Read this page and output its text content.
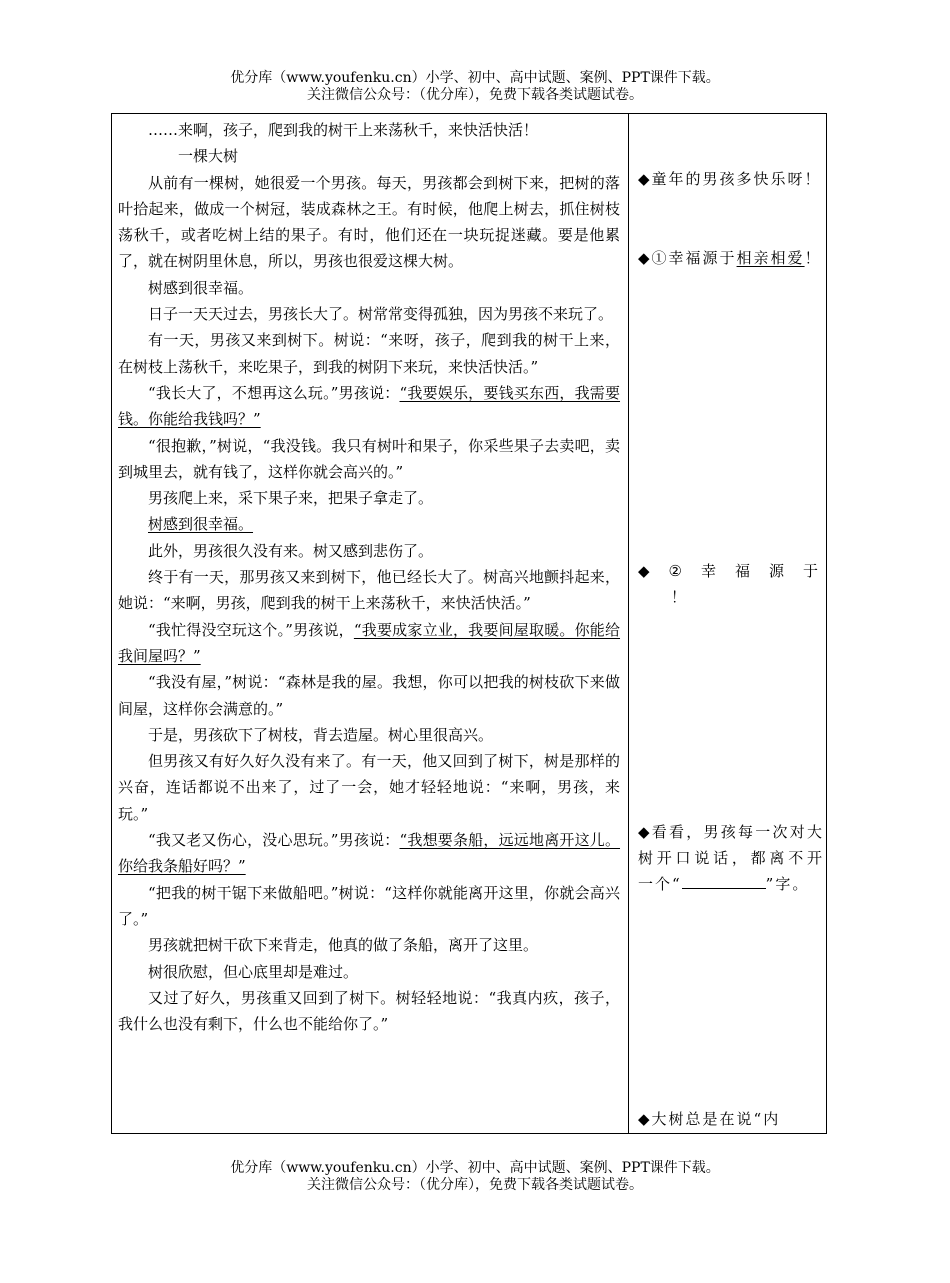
优分库（www.youfenku.cn）小学、初中、高中试题、案例、PPT课件下载。
关注微信公众号：（优分库），免费下载各类试题试卷。

……来啊，孩子，爬到我的树干上来荡秋千，来快活快活！

一棵大树

从前有一棵树，她很爱一个男孩。每天，男孩都会到树下来，把树的落叶拾起来，做成一个树冠，装成森林之王。有时候，他爬上树去，抓住树枝荡秋千，或者吃树上结的果子。有时，他们还在一块玩捉迷藏。要是他累了，就在树阴里休息，所以，男孩也很爱这棵大树。

树感到很幸福。

日子一天天过去，男孩长大了。树常常变得孤独，因为男孩不来玩了。

有一天，男孩又来到树下。树说：“来呀，孩子，爬到我的树干上来，在树枝上荡秋千，来吃果子，到我的树阴下来玩，来快活快活。”

“我长大了，不想再这么玩。”男孩说：“我要娱乐，要钱买东西，我需要钱。你能给我钱吗？”

“很抱歉，”树说，“我没钱。我只有树叶和果子，你采些果子去卖吧，卖到城里去，就有钱了，这样你就会高兴的。”

男孩爬上来，采下果子来，把果子拿走了。

树感到很幸福。

此外，男孩很久没有来。树又感到悲伤了。

终于有一天，那男孩又来到树下，他已经长大了。树高兴地颤抖起来，她说：“来啊，男孩，爬到我的树干上来荡秋千，来快活快活。”

“我忙得没空玩这个。”男孩说，“我要成家立业，我要间屋取暖。你能给我间屋吗？”

“我没有屋，”树说：“森林是我的屋。我想，你可以把我的树枝砍下来做间屋，这样你会满意的。”

于是，男孩砍下了树枝，背去造屋。树心里很高兴。

但男孩又有好久好久没有来了。有一天，他又回到了树下，树是那样的兴奋，连话都说不出来了，过了一会，她才轻轻地说：“来啊，男孩，来玩。”

“我又老又伤心，没心思玩。”男孩说：“我想要条船，远远地离开这儿。你给我条船好吗？”

“把我的树干锯下来做船吧。”树说：“这样你就能离开这里，你就会高兴了。”

男孩就把树干砍下来背走，他真的做了条船，离开了这里。

树很欣慰，但心底里却是难过。

又过了好久，男孩重又回到了树下。树轻轻地说：“我真内疚，孩子，我什么也没有剩下，什么也不能给你了。”

◆童年的男孩多快乐呀！
◆①幸福源于相亲相爱！
◆ ② 幸 福 源 于
！
◆看看，男孩每一次对大树开口说话，都离不开一个“	”字。
◆大树总是在说“内
优分库（www.youfenku.cn）小学、初中、高中试题、案例、PPT课件下载。
关注微信公众号：（优分库），免费下载各类试题试卷。
